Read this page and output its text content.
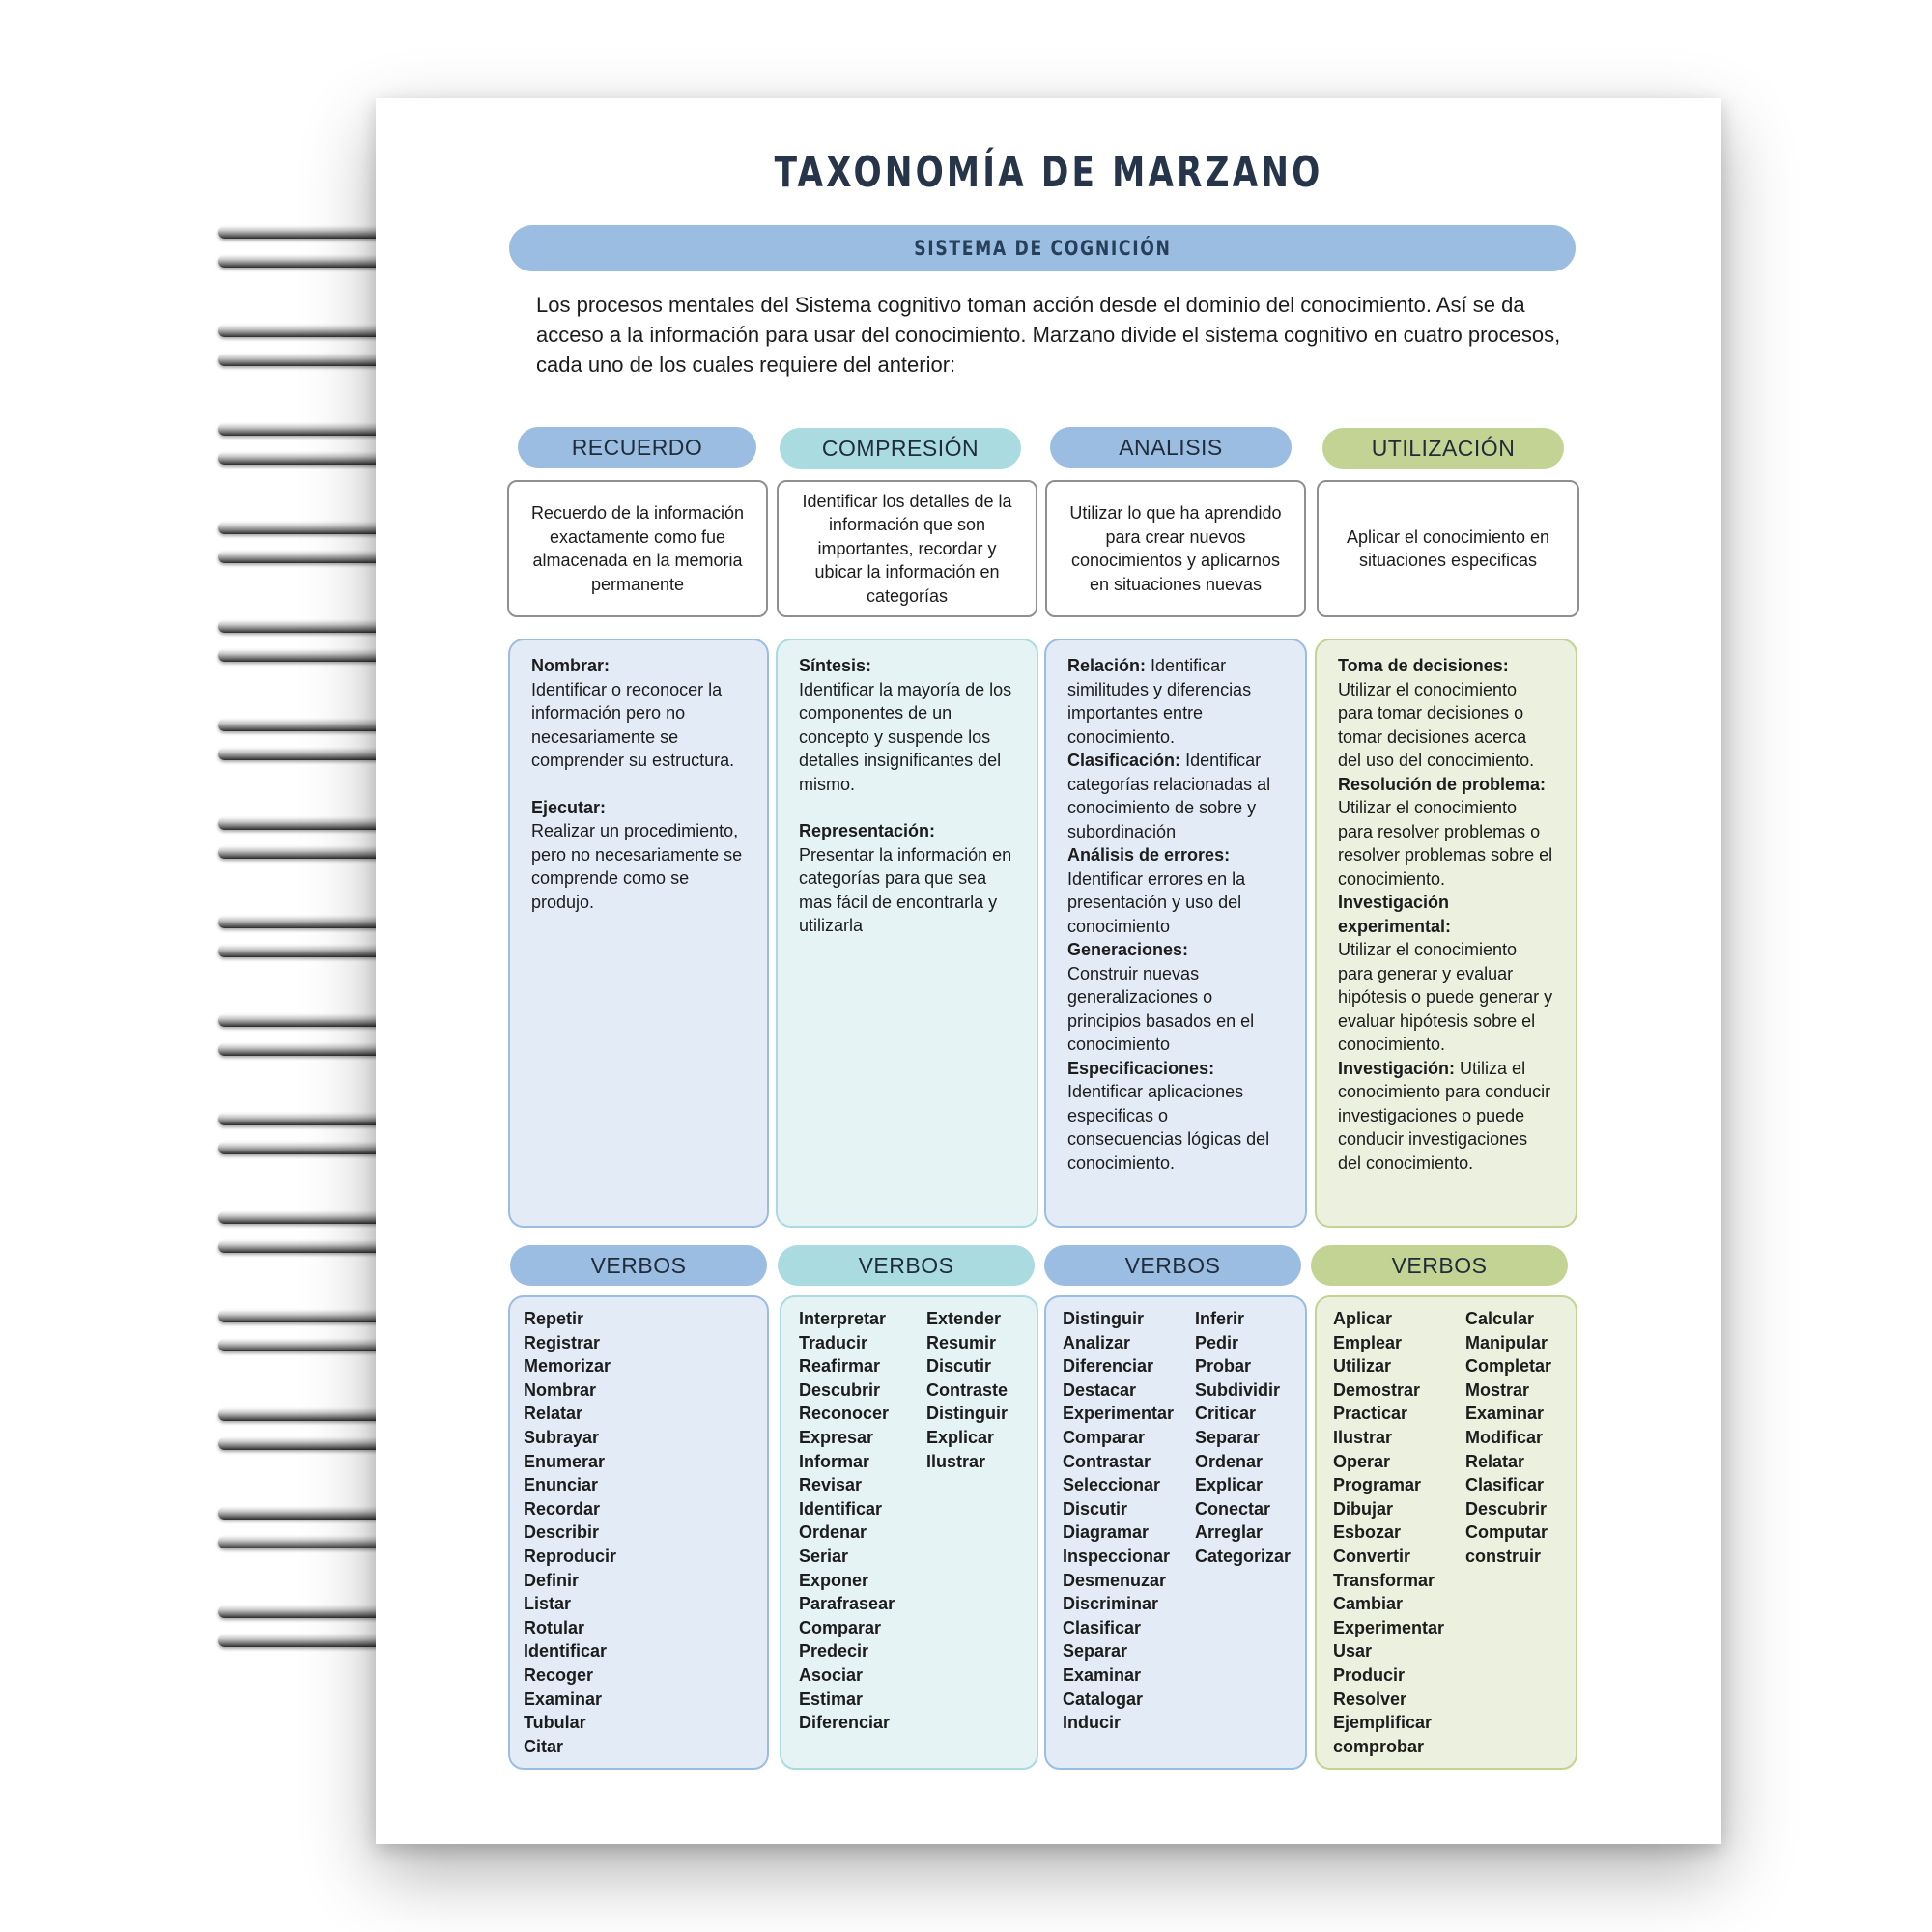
TAXONOMÍA DE MARZANO
SISTEMA DE COGNICIÓN
Los procesos mentales del Sistema cognitivo toman acción desde el dominio del conocimiento. Así se da acceso a la información para usar del conocimiento. Marzano divide el sistema cognitivo en cuatro procesos, cada uno de los cuales requiere del anterior:
RECUERDO	COMPRESIÓN	ANALISIS	UTILIZACIÓN
Recuerdo de la información exactamente como fue almacenada en la memoria permanente
Identificar los detalles de la información que son importantes, recordar y ubicar la información en categorías
Utilizar lo que ha aprendido para crear nuevos conocimientos y aplicarnos en situaciones nuevas
Aplicar el conocimiento en situaciones especificas
Nombrar:
Identificar o reconocer la información pero no necesariamente se comprender su estructura.
Ejecutar:
Realizar un procedimiento, pero no necesariamente se comprende como se produjo.
Síntesis:
Identificar la mayoría de los componentes de un concepto y suspende los detalles insignificantes del mismo.
Representación:
Presentar la información en categorías para que sea mas fácil de encontrarla y utilizarla
Relación: Identificar similitudes y diferencias importantes entre conocimiento.
Clasificación: Identificar categorías relacionadas al conocimiento de sobre y subordinación
Análisis de errores:
Identificar errores en la presentación y uso del conocimiento
Generaciones:
Construir nuevas generalizaciones o principios basados en el conocimiento
Especificaciones:
Identificar aplicaciones especificas o consecuencias lógicas del conocimiento.
Toma de decisiones:
Utilizar el conocimiento para tomar decisiones o tomar decisiones acerca del uso del conocimiento.
Resolución de problema:
Utilizar el conocimiento para resolver problemas o resolver problemas sobre el conocimiento.
Investigación experimental:
Utilizar el conocimiento para generar y evaluar hipótesis o puede generar y evaluar hipótesis sobre el conocimiento.
Investigación: Utiliza el conocimiento para conducir investigaciones o puede conducir investigaciones del conocimiento.
VERBOS	VERBOS	VERBOS	VERBOS
Repetir
Registrar
Memorizar
Nombrar
Relatar
Subrayar
Enumerar
Enunciar
Recordar
Describir
Reproducir
Definir
Listar
Rotular
Identificar
Recoger
Examinar
Tubular
Citar
Interpretar
Traducir
Reafirmar
Descubrir
Reconocer
Expresar
Informar
Revisar
Identificar
Ordenar
Seriar
Exponer
Parafrasear
Comparar
Predecir
Asociar
Estimar
Diferenciar
Extender
Resumir
Discutir
Contraste
Distinguir
Explicar
Ilustrar
Distinguir
Analizar
Diferenciar
Destacar
Experimentar
Comparar
Contrastar
Seleccionar
Discutir
Diagramar
Inspeccionar
Desmenuzar
Discriminar
Clasificar
Separar
Examinar
Catalogar
Inducir
Inferir
Pedir
Probar
Subdividir
Criticar
Separar
Ordenar
Explicar
Conectar
Arreglar
Categorizar
Aplicar
Emplear
Utilizar
Demostrar
Practicar
Ilustrar
Operar
Programar
Dibujar
Esbozar
Convertir
Transformar
Cambiar
Experimentar
Usar
Producir
Resolver
Ejemplificar
comprobar
Calcular
Manipular
Completar
Mostrar
Examinar
Modificar
Relatar
Clasificar
Descubrir
Computar
construir
